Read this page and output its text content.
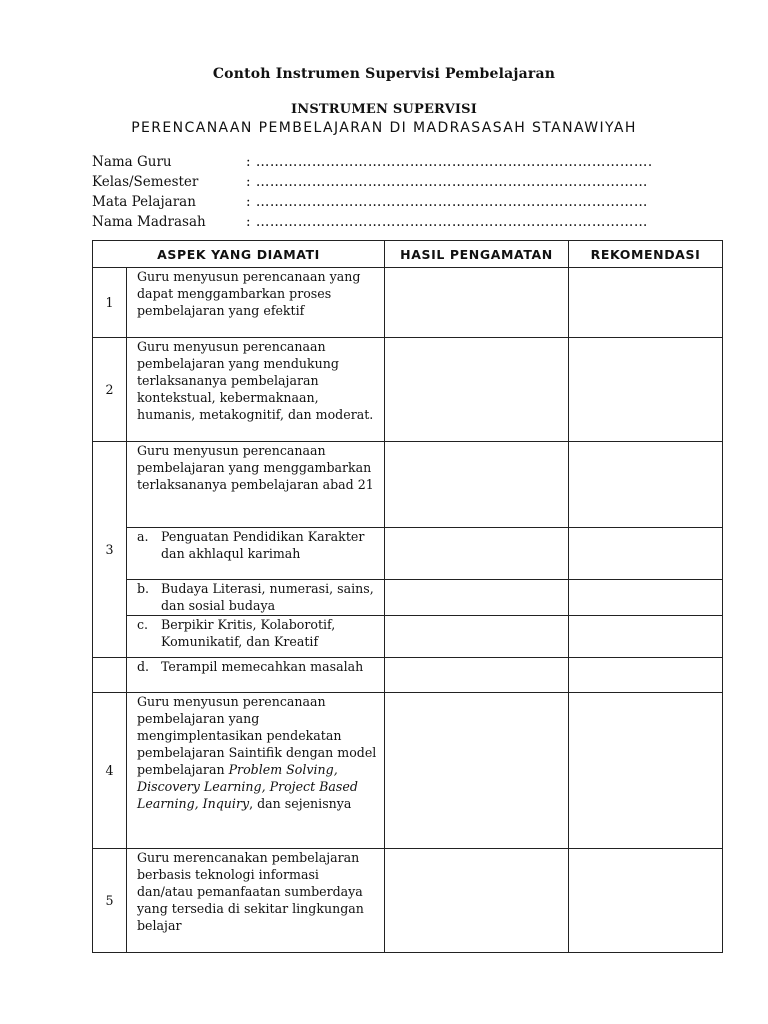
Contoh Instrumen Supervisi Pembelajaran
INSTRUMEN SUPERVISI
PERENCANAAN PEMBELAJARAN DI MADRASASAH STANAWIYAH
Nama Guru	: ………………………………………………………………………….
Kelas/Semester	: …………………………………………………………………………
Mata Pelajaran	: …………………………………………………………………………
Nama Madrasah	: …………………………………………………………………………
ASPEK YANG DIAMATI		HASIL PENGAMATAN	REKOMENDASI
1	Guru menyusun perencanaan yang dapat menggambarkan proses pembelajaran yang efektif		
2	Guru menyusun perencanaan pembelajaran yang mendukung terlaksananya pembelajaran kontekstual, kebermaknaan, humanis, metakognitif, dan moderat.		
3	Guru menyusun perencanaan pembelajaran yang menggambarkan terlaksananya pembelajaran abad 21		

	a. Penguatan Pendidikan Karakter dan akhlaqul karimah		

	b. Budaya Literasi, numerasi, sains, dan sosial budaya		

	c. Berpikir Kritis, Kolaborotif, Komunikatif, dan Kreatif		

	d. Terampil memecahkan masalah		

4	Guru menyusun perencanaan pembelajaran yang mengimplentasikan pendekatan pembelajaran Saintifik dengan model pembelajaran Problem Solving, Discovery Learning, Project Based Learning, Inquiry, dan sejenisnya		
5	Guru merencanakan pembelajaran berbasis teknologi informasi dan/atau pemanfaatan sumberdaya yang tersedia di sekitar lingkungan belajar		
